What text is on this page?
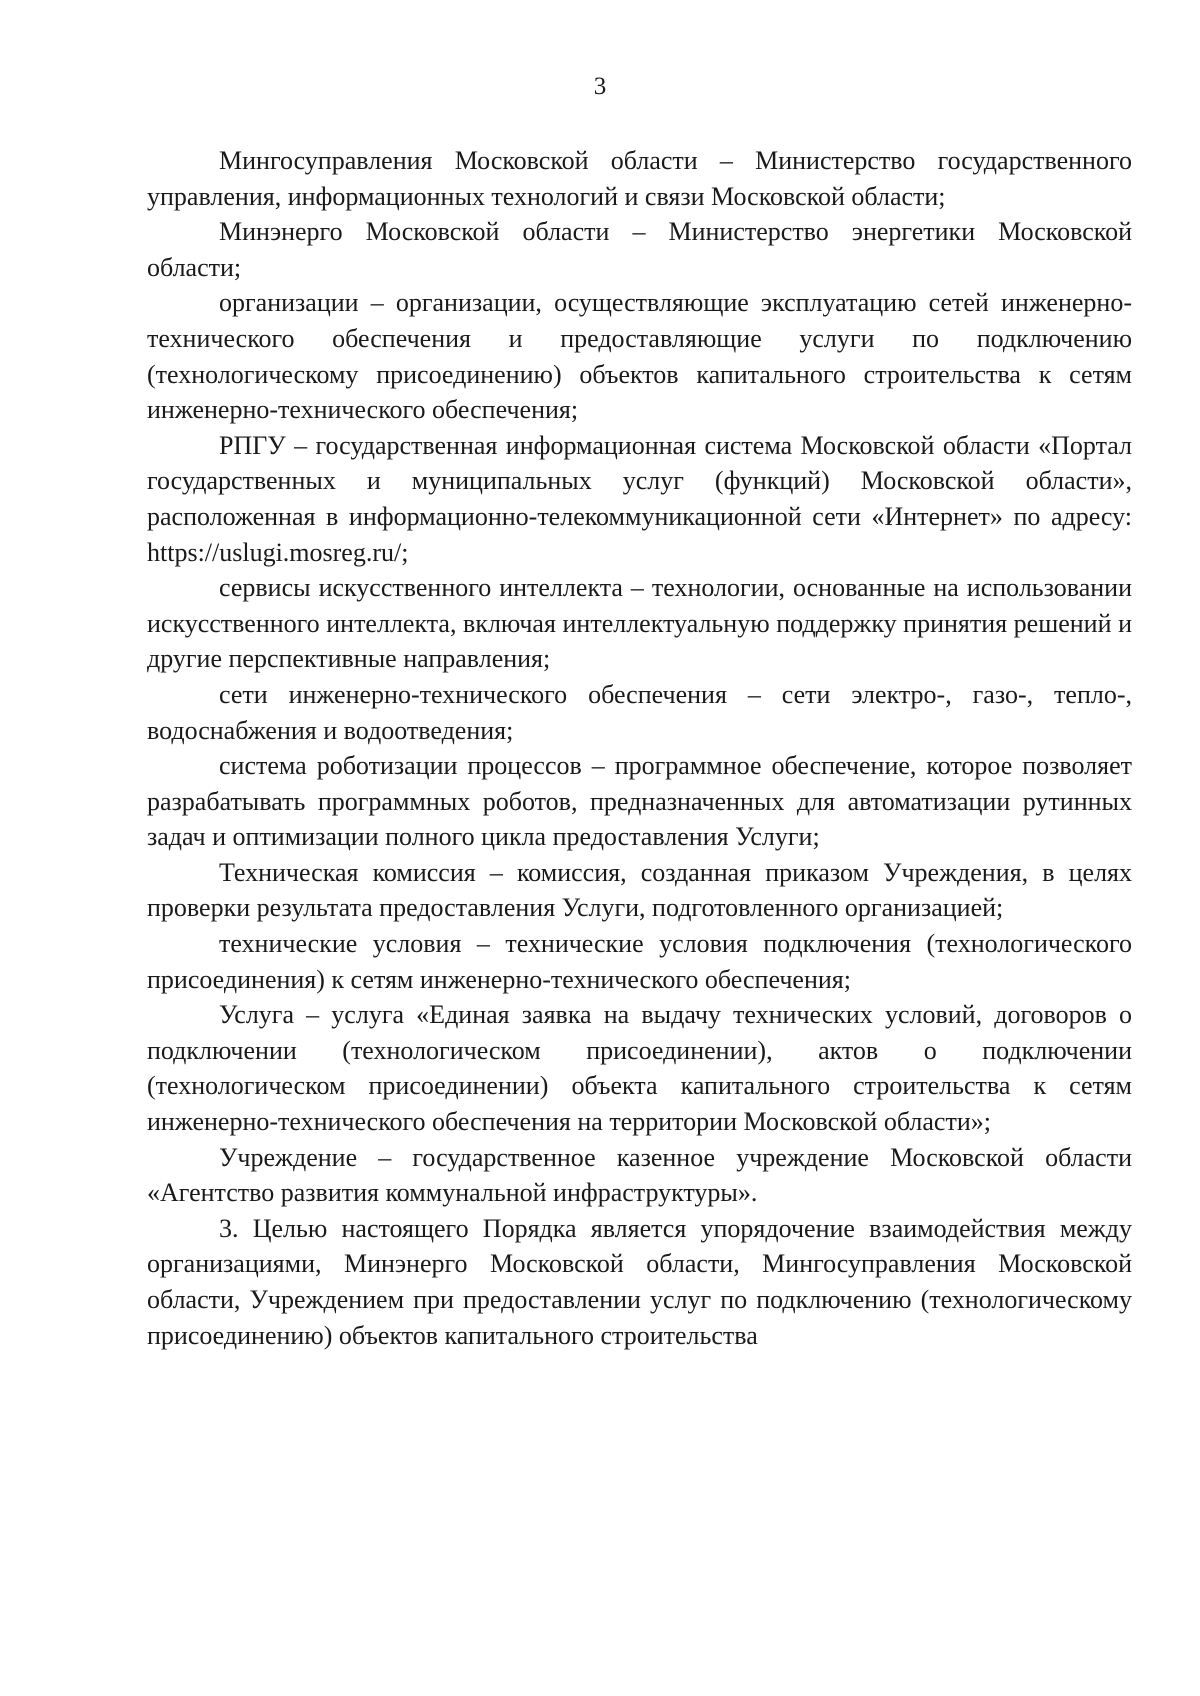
3

Мингосуправления Московской области – Министерство государственного управления, информационных технологий и связи Московской области;

Минэнерго Московской области – Министерство энергетики Московской области;

организации – организации, осуществляющие эксплуатацию сетей инженерно-технического обеспечения и предоставляющие услуги по подключению (технологическому присоединению) объектов капитального строительства к сетям инженерно-технического обеспечения;

РПГУ – государственная информационная система Московской области «Портал государственных и муниципальных услуг (функций) Московской области», расположенная в информационно-телекоммуникационной сети «Интернет» по адресу: https://uslugi.mosreg.ru/;

сервисы искусственного интеллекта – технологии, основанные на использовании искусственного интеллекта, включая интеллектуальную поддержку принятия решений и другие перспективные направления;

сети инженерно-технического обеспечения – сети электро-, газо-, тепло-, водоснабжения и водоотведения;

система роботизации процессов – программное обеспечение, которое позволяет разрабатывать программных роботов, предназначенных для автоматизации рутинных задач и оптимизации полного цикла предоставления Услуги;

Техническая комиссия – комиссия, созданная приказом Учреждения, в целях проверки результата предоставления Услуги, подготовленного организацией;

технические условия – технические условия подключения (технологического присоединения) к сетям инженерно-технического обеспечения;

Услуга – услуга «Единая заявка на выдачу технических условий, договоров о подключении (технологическом присоединении), актов о подключении (технологическом присоединении) объекта капитального строительства к сетям инженерно-технического обеспечения на территории Московской области»;

Учреждение – государственное казенное учреждение Московской области «Агентство развития коммунальной инфраструктуры».

3. Целью настоящего Порядка является упорядочение взаимодействия между организациями, Минэнерго Московской области, Мингосуправления Московской области, Учреждением при предоставлении услуг по подключению (технологическому присоединению) объектов капитального строительства
